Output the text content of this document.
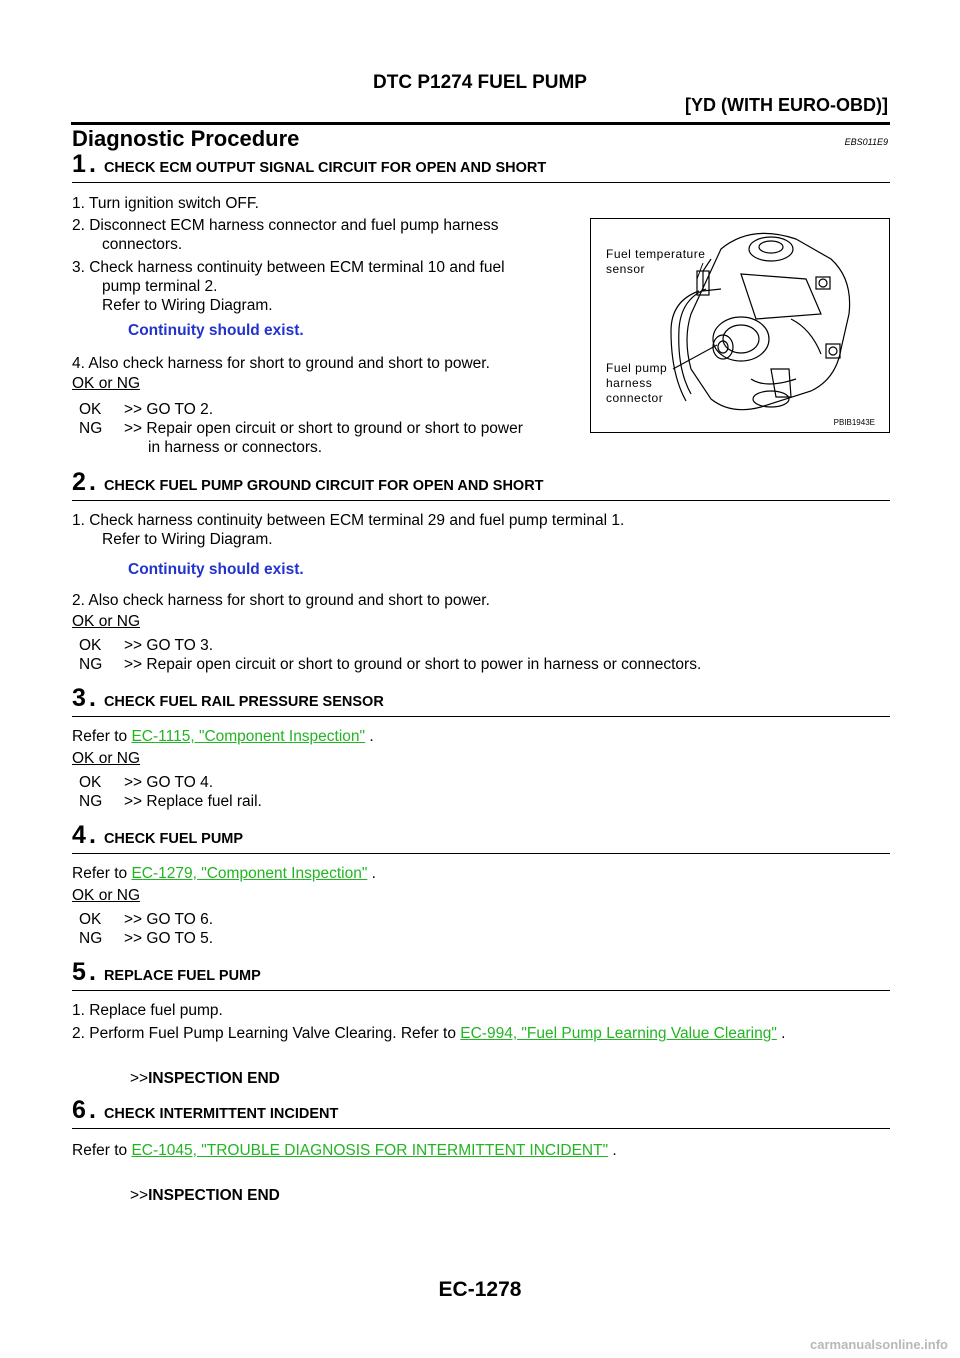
DTC P1274 FUEL PUMP
[YD (WITH EURO-OBD)]
Diagnostic Procedure	EBS011E9
1 . CHECK ECM OUTPUT SIGNAL CIRCUIT FOR OPEN AND SHORT
1. Turn ignition switch OFF.
2. Disconnect ECM harness connector and fuel pump harness
connectors.
3. Check harness continuity between ECM terminal 10 and fuel
pump terminal 2.
Refer to Wiring Diagram.
Continuity should exist.
4. Also check harness for short to ground and short to power.
OK or NG
OK >> GO TO 2.
NG >> Repair open circuit or short to ground or short to power
in harness or connectors.
Fuel temperature
sensor
Fuel pump
harness
connector
PBIB1943E
2 . CHECK FUEL PUMP GROUND CIRCUIT FOR OPEN AND SHORT
1. Check harness continuity between ECM terminal 29 and fuel pump terminal 1.
Refer to Wiring Diagram.
Continuity should exist.
2. Also check harness for short to ground and short to power.
OK or NG
OK >> GO TO 3.
NG >> Repair open circuit or short to ground or short to power in harness or connectors.
3 . CHECK FUEL RAIL PRESSURE SENSOR
Refer to EC-1115, "Component Inspection" .
OK or NG
OK >> GO TO 4.
NG >> Replace fuel rail.
4 . CHECK FUEL PUMP
Refer to EC-1279, "Component Inspection" .
OK or NG
OK >> GO TO 6.
NG >> GO TO 5.
5 . REPLACE FUEL PUMP
1. Replace fuel pump.
2. Perform Fuel Pump Learning Valve Clearing. Refer to EC-994, "Fuel Pump Learning Value Clearing" .
>>INSPECTION END
6 . CHECK INTERMITTENT INCIDENT
Refer to EC-1045, "TROUBLE DIAGNOSIS FOR INTERMITTENT INCIDENT" .
>>INSPECTION END
EC-1278
carmanualsonline.info
